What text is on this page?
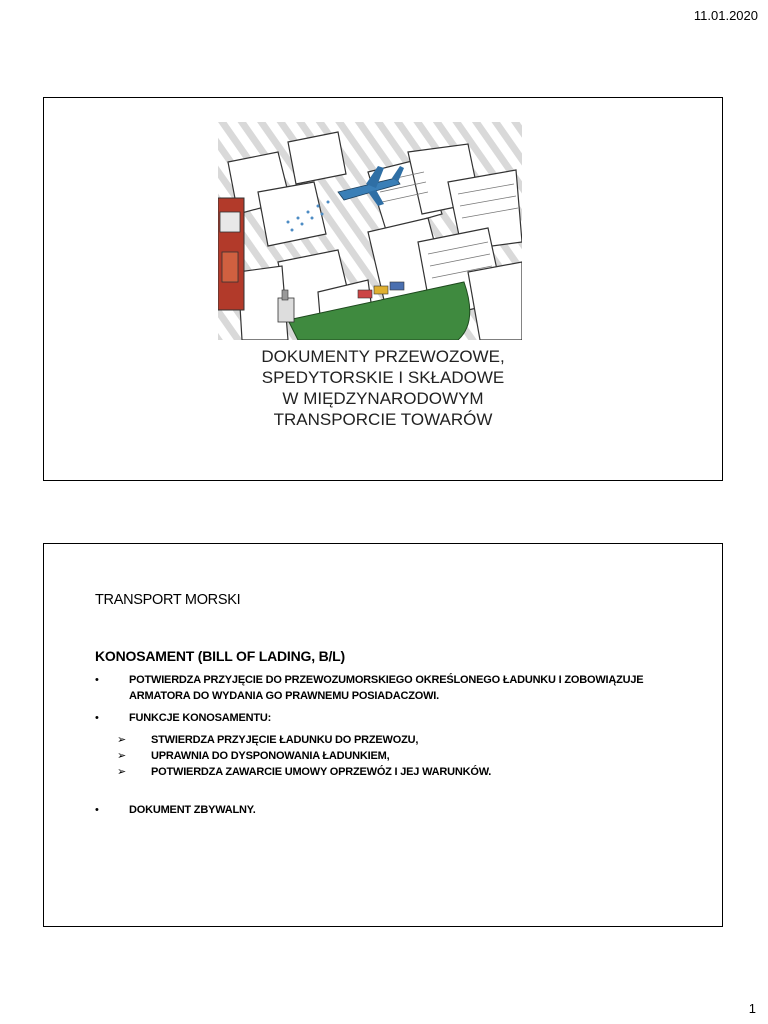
11.01.2020
DOKUMENTY PRZEWOZOWE,
SPEDYTORSKIE I SKŁADOWE
W MIĘDZYNARODOWYM
TRANSPORCIE TOWARÓW
TRANSPORT MORSKI
KONOSAMENT (BILL OF LADING, B/L)
•	POTWIERDZA PRZYJĘCIE DO PRZEWOZUMORSKIEGO OKREŚLONEGO ŁADUNKU I ZOBOWIĄZUJE ARMATORA DO WYDANIA GO PRAWNEMU POSIADACZOWI.
•	FUNKCJE KONOSAMENTU:
➢ STWIERDZA PRZYJĘCIE ŁADUNKU DO PRZEWOZU,
➢ UPRAWNIA DO DYSPONOWANIA ŁADUNKIEM,
➢ POTWIERDZA ZAWARCIE UMOWY OPRZEWÓZ I JEJ WARUNKÓW.
•	DOKUMENT ZBYWALNY.
1
